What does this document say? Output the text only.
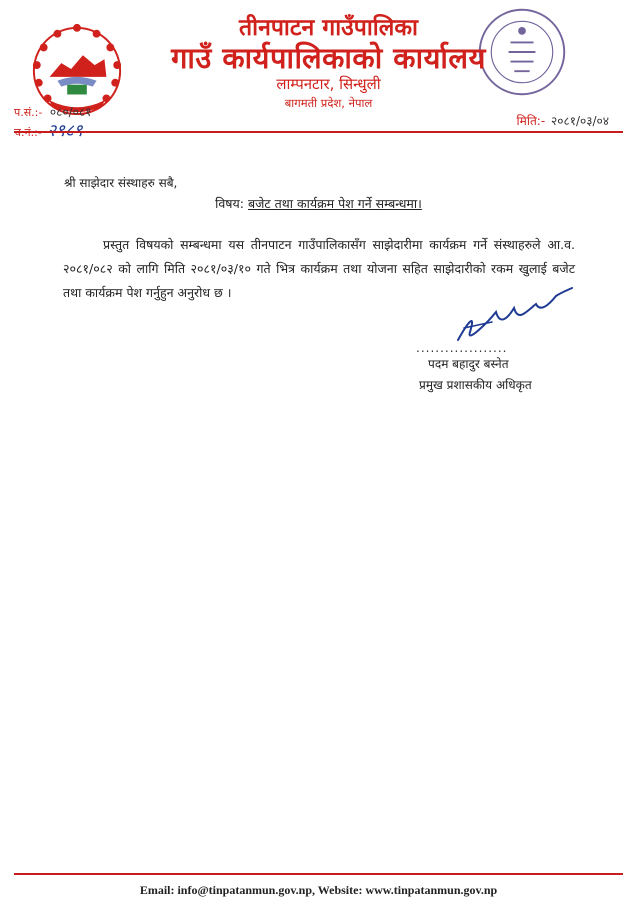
तीनपाटन गाउँपालिका
गाउँ कार्यपालिकाको कार्यालय
लाम्पनटार, सिन्धुली
बागमती प्रदेश, नेपाल
प.सं.:- ०८०/०८१
च.नं.:- २९८९	मिति:- २०८१/०३/०४
श्री साझेदार संस्थाहरु सबै,
विषय: बजेट तथा कार्यक्रम पेश गर्ने सम्बन्धमा।

प्रस्तुत विषयको सम्बन्धमा यस तीनपाटन गाउँपालिकासँग साझेदारीमा कार्यक्रम गर्ने संस्थाहरुले आ.व. २०८१/०८२ को लागि मिति २०८१/०३/१० गते भित्र कार्यक्रम तथा योजना सहित साझेदारीको रकम खुलाई बजेट तथा कार्यक्रम पेश गर्नुहुन अनुरोध छ ।

...................
पदम बहादुर बस्नेत
प्रमुख प्रशासकीय अधिकृत
Email: info@tinpatanmun.gov.np, Website: www.tinpatanmun.gov.np
